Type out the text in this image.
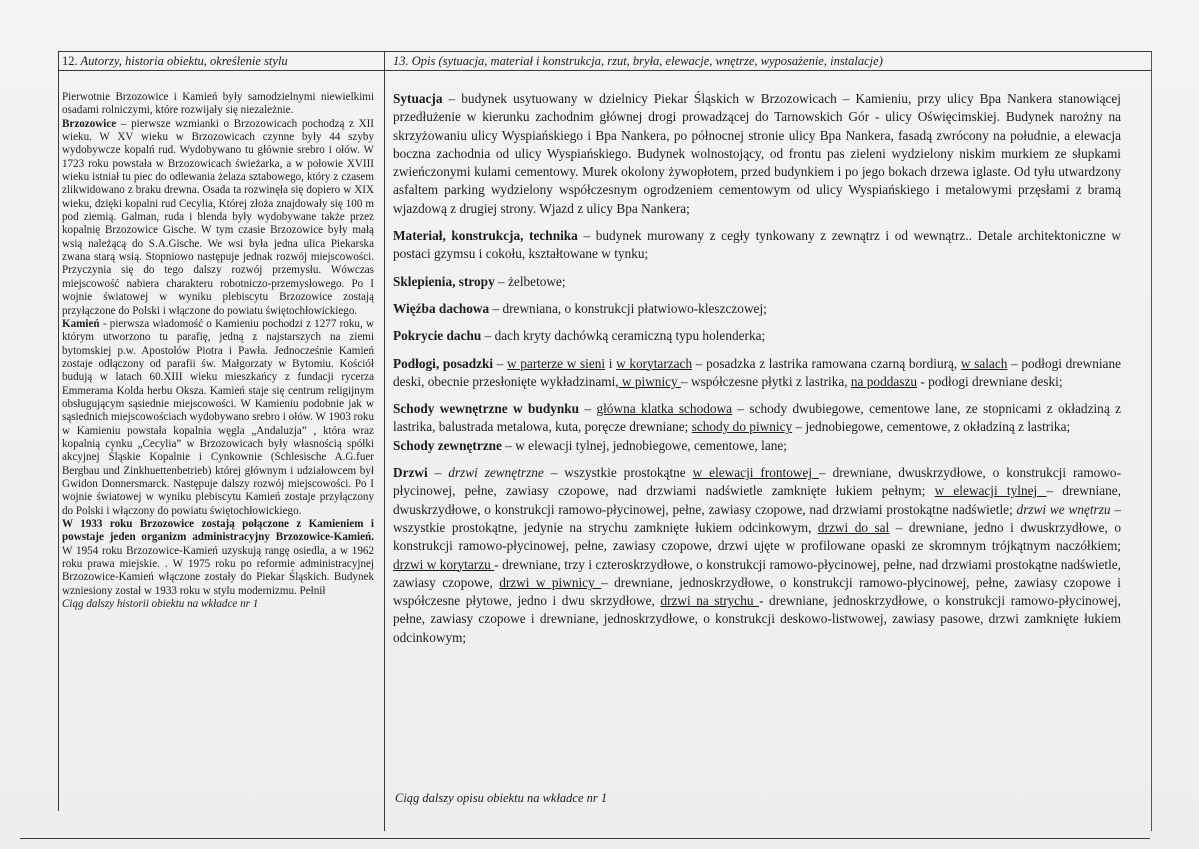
12. Autorzy, historia obiektu, określenie stylu	13. Opis (sytuacja, materiał i konstrukcja, rzut, bryła, elewacje, wnętrze, wyposażenie, instalacje)

Pierwotnie Brzozowice i Kamień były samodzielnymi niewielkimi osadami rolniczymi, które rozwijały się niezależnie.

Brzozowice – pierwsze wzmianki o Brzozowicach pochodzą z XII wieku. W XV wieku w Brzozowicach czynne były 44 szyby wydobywcze kopalń rud. Wydobywano tu głównie srebro i ołów. W 1723 roku powstała w Brzozowicach świeżarka, a w połowie XVIII wieku istniał tu piec do odlewania żelaza sztabowego, który z czasem zlikwidowano z braku drewna. Osada ta rozwinęła się dopiero w XIX wieku, dzięki kopalni rud Cecylia, Której złoża znajdowały się 100 m pod ziemią. Galman, ruda i blenda były wydobywane także przez kopalnię Brzozowice Gische. W tym czasie Brzozowice były małą wsią należącą do S.A.Gische. We wsi była jedna ulica Piekarska zwana starą wsią. Stopniowo następuje jednak rozwój miejscowości. Przyczynia się do tego dalszy rozwój przemysłu. Wówczas miejscowość nabiera charakteru robotniczo-przemysłowego. Po I wojnie światowej w wyniku plebiscytu Brzozowice zostają przyłączone do Polski i włączone do powiatu świętochłowickiego.

Kamień - pierwsza wiadomość o Kamieniu pochodzi z 1277 roku, w którym utworzono tu parafię, jedną z najstarszych na ziemi bytomskiej p.w. Apostołów Piotra i Pawła. Jednocześnie Kamień zostaje odłączony od parafii św. Małgorzaty w Bytomiu. Kościół budują w latach 60.XIII wieku mieszkańcy z fundacji rycerza Emmerama Kolda herbu Oksza. Kamień staje się centrum religijnym obsługującym sąsiednie miejscowości. W Kamieniu podobnie jak w sąsiednich miejscowościach wydobywano srebro i ołów. W 1903 roku w Kamieniu powstała kopalnia węgla „Andaluzja” , która wraz kopalnią cynku „Cecylia” w Brzozowicach były własnością spółki akcyjnej Śląskie Kopalnie i Cynkownie (Schlesische A.G.fuer Bergbau und Zinkhuettenbetrieb) której głównym i udziałowcem był Gwidon Donnersmarck. Następuje dalszy rozwój miejscowości. Po I wojnie światowej w wyniku plebiscytu Kamień zostaje przyłączony do Polski i włączony do powiatu świętochłowickiego.

W 1933 roku Brzozowice zostają połączone z Kamieniem i powstaje jeden organizm administracyjny Brzozowice-Kamień. W 1954 roku Brzozowice-Kamień uzyskują rangę osiedla, a w 1962 roku prawa miejskie. . W 1975 roku po reformie administracyjnej Brzozowice-Kamień włączone zostały do Piekar Śląskich. Budynek wzniesiony został w 1933 roku w stylu modernizmu. Pełnił
Ciąg dalszy historii obiektu na wkładce nr 1

Sytuacja – budynek usytuowany w dzielnicy Piekar Śląskich w Brzozowicach – Kamieniu, przy ulicy Bpa Nankera stanowiącej przedłużenie w kierunku zachodnim głównej drogi prowadzącej do Tarnowskich Gór - ulicy Oświęcimskiej. Budynek narożny na skrzyżowaniu ulicy Wyspiańskiego i Bpa Nankera, po północnej stronie ulicy Bpa Nankera, fasadą zwrócony na południe, a elewacja boczna zachodnia od ulicy Wyspiańskiego. Budynek wolnostojący, od frontu pas zieleni wydzielony niskim murkiem ze słupkami zwieńczonymi kulami cementowy. Murek okolony żywopłotem, przed budynkiem i po jego bokach drzewa iglaste. Od tyłu utwardzony asfaltem parking wydzielony współczesnym ogrodzeniem cementowym od ulicy Wyspiańskiego i metalowymi przęsłami z bramą wjazdową z drugiej strony. Wjazd z ulicy Bpa Nankera;

Materiał, konstrukcja, technika – budynek murowany z cegły tynkowany z zewnątrz i od wewnątrz.. Detale architektoniczne w postaci gzymsu i cokołu, kształtowane w tynku;

Sklepienia, stropy – żelbetowe;

Więźba dachowa – drewniana, o konstrukcji płatwiowo-kleszczowej;

Pokrycie dachu – dach kryty dachówką ceramiczną typu holenderka;

Podłogi, posadzki – w parterze w sieni i w korytarzach – posadzka z lastrika ramowana czarną bordiurą, w salach – podłogi drewniane deski, obecnie przesłonięte wykładzinami, w piwnicy – współczesne płytki z lastrika, na poddaszu - podłogi drewniane deski;

Schody wewnętrzne w budynku – główna klatka schodowa – schody dwubiegowe, cementowe lane, ze stopnicami z okładziną z lastrika, balustrada metalowa, kuta, poręcze drewniane; schody do piwnicy – jednobiegowe, cementowe, z okładziną z lastrika;

Schody zewnętrzne – w elewacji tylnej, jednobiegowe, cementowe, lane;

Drzwi – drzwi zewnętrzne – wszystkie prostokątne w elewacji frontowej – drewniane, dwuskrzydłowe, o konstrukcji ramowo-płycinowej, pełne, zawiasy czopowe, nad drzwiami nadświetle zamknięte łukiem pełnym; w elewacji tylnej – drewniane, dwuskrzydłowe, o konstrukcji ramowo-płycinowej, pełne, zawiasy czopowe, nad drzwiami prostokątne nadświetle; drzwi we wnętrzu –wszystkie prostokątne, jedynie na strychu zamknięte łukiem odcinkowym, drzwi do sal – drewniane, jedno i dwuskrzydłowe, o konstrukcji ramowo-płycinowej, pełne, zawiasy czopowe, drzwi ujęte w profilowane opaski ze skromnym trójkątnym naczółkiem; drzwi w korytarzu - drewniane, trzy i czteroskrzydłowe, o konstrukcji ramowo-płycinowej, pełne, nad drzwiami prostokątne nadświetle, zawiasy czopowe, drzwi w piwnicy – drewniane, jednoskrzydłowe, o konstrukcji ramowo-płycinowej, pełne, zawiasy czopowe i współczesne płytowe, jedno i dwu skrzydłowe, drzwi na strychu - drewniane, jednoskrzydłowe, o konstrukcji ramowo-płycinowej, pełne, zawiasy czopowe i drewniane, jednoskrzydłowe, o konstrukcji deskowo-listwowej, zawiasy pasowe, drzwi zamknięte łukiem odcinkowym;

Ciąg dalszy opisu obiektu na wkładce nr 1
